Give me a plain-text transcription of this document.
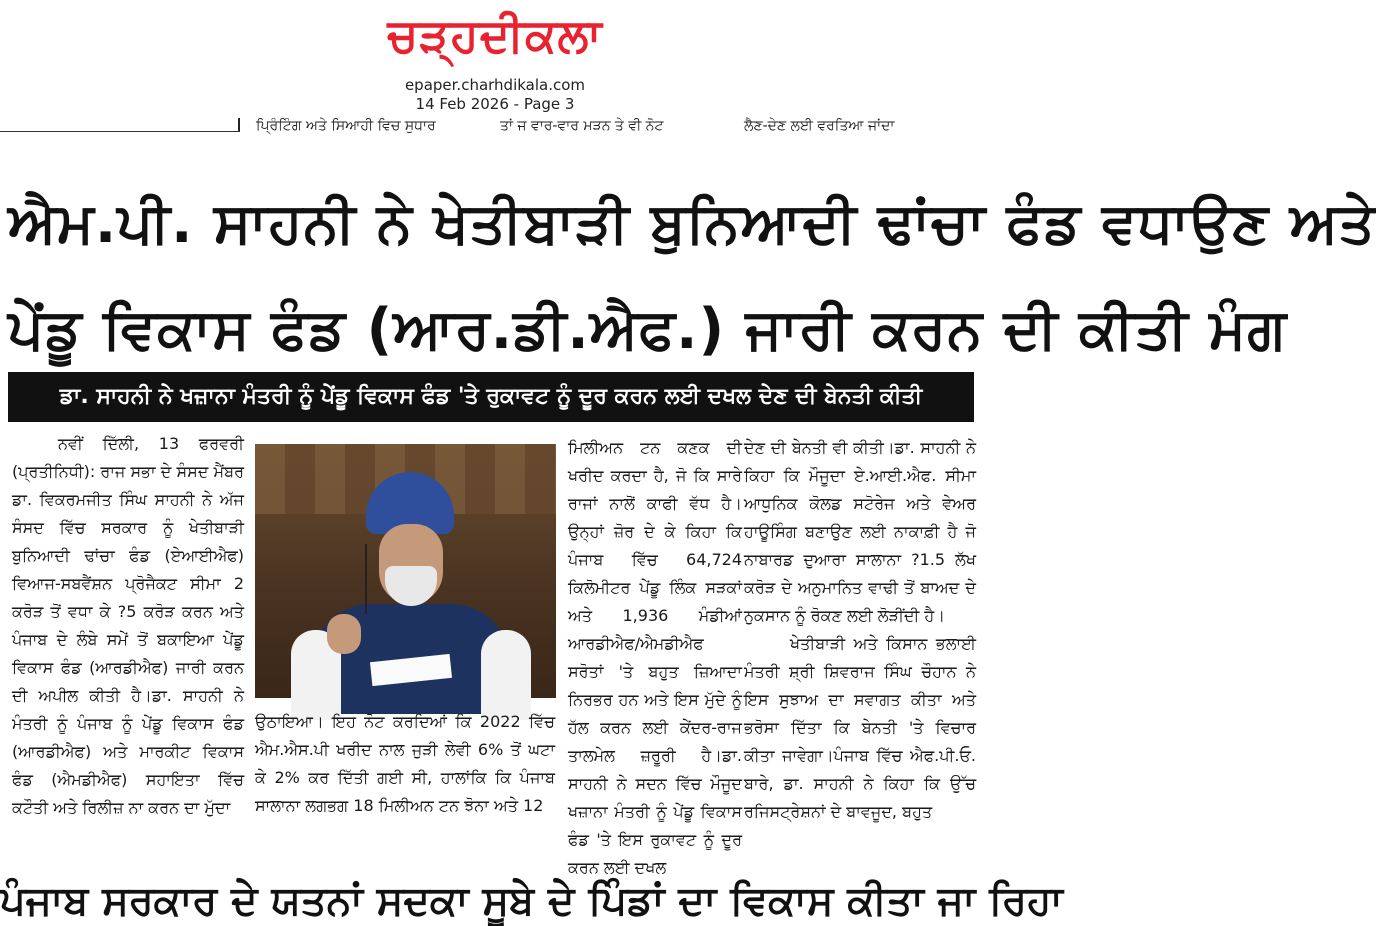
ਚੜ੍ਹਦੀਕਲਾ
epaper.charhdikala.com
14 Feb 2026 - Page 3
ਪ੍ਰਿੰਟਿੰਗ ਅਤੇ ਸਿਆਹੀ ਵਿਚ ਸੁਧਾਰ	ਤਾਂ ਜ ਵਾਰ-ਵਾਰ ਮੜਨ ਤੇ ਵੀ ਨੋਟ	ਲੈਣ-ਦੇਣ ਲਈ ਵਰਤਿਆ ਜਾਂਦਾ
ਐਮ.ਪੀ. ਸਾਹਨੀ ਨੇ ਖੇਤੀਬਾੜੀ ਬੁਨਿਆਦੀ ਢਾਂਚਾ ਫੰਡ ਵਧਾਉਣ ਅਤੇ
ਪੇਂਡੂ ਵਿਕਾਸ ਫੰਡ (ਆਰ.ਡੀ.ਐਫ.) ਜਾਰੀ ਕਰਨ ਦੀ ਕੀਤੀ ਮੰਗ
ਡਾ. ਸਾਹਨੀ ਨੇ ਖਜ਼ਾਨਾ ਮੰਤਰੀ ਨੂੰ ਪੇਂਡੂ ਵਿਕਾਸ ਫੰਡ 'ਤੇ ਰੁਕਾਵਟ ਨੂੰ ਦੂਰ ਕਰਨ ਲਈ ਦਖਲ ਦੇਣ ਦੀ ਬੇਨਤੀ ਕੀਤੀ

ਨਵੀਂ ਦਿੱਲੀ, 13 ਫਰਵਰੀ (ਪ੍ਰਤੀਨਿਧੀ): ਰਾਜ ਸਭਾ ਦੇ ਸੰਸਦ ਮੈਂਬਰ ਡਾ. ਵਿਕਰਮਜੀਤ ਸਿੰਘ ਸਾਹਨੀ ਨੇ ਅੱਜ ਸੰਸਦ ਵਿੱਚ ਸਰਕਾਰ ਨੂੰ ਖੇਤੀਬਾੜੀ ਬੁਨਿਆਦੀ ਢਾਂਚਾ ਫੰਡ (ਏਆਈਐਫ) ਵਿਆਜ-ਸਬਵੈਂਸ਼ਨ ਪ੍ਰੋਜੈਕਟ ਸੀਮਾ 2 ਕਰੋੜ ਤੋਂ ਵਧਾ ਕੇ ?5 ਕਰੋੜ ਕਰਨ ਅਤੇ ਪੰਜਾਬ ਦੇ ਲੰਬੇ ਸਮੇਂ ਤੋਂ ਬਕਾਇਆ ਪੇਂਡੂ ਵਿਕਾਸ ਫੰਡ (ਆਰਡੀਐਫ) ਜਾਰੀ ਕਰਨ ਦੀ ਅਪੀਲ ਕੀਤੀ ਹੈ।ਡਾ. ਸਾਹਨੀ ਨੇ ਮੰਤਰੀ ਨੂੰ ਪੰਜਾਬ ਨੂੰ ਪੇਂਡੂ ਵਿਕਾਸ ਫੰਡ (ਆਰਡੀਐਫ) ਅਤੇ ਮਾਰਕੀਟ ਵਿਕਾਸ ਫੰਡ (ਐਮਡੀਐਫ) ਸਹਾਇਤਾ ਵਿੱਚ ਕਟੌਤੀ ਅਤੇ ਰਿਲੀਜ਼ ਨਾ ਕਰਨ ਦਾ ਮੁੱਦਾ

ਉਠਾਇਆ। ਇਹ ਨੋਟ ਕਰਦਿਆਂ ਕਿ 2022 ਵਿੱਚ ਐਮ.ਐਸ.ਪੀ ਖਰੀਦ ਨਾਲ ਜੁੜੀ ਲੇਵੀ 6% ਤੋਂ ਘਟਾ ਕੇ 2% ਕਰ ਦਿੱਤੀ ਗਈ ਸੀ, ਹਾਲਾਂਕਿ ਕਿ ਪੰਜਾਬ ਸਾਲਾਨਾ ਲਗਭਗ 18 ਮਿਲੀਅਨ ਟਨ ਝੋਨਾ ਅਤੇ 12

ਮਿਲੀਅਨ ਟਨ ਕਣਕ ਦੀ ਖਰੀਦ ਕਰਦਾ ਹੈ, ਜੋ ਕਿ ਸਾਰੇ ਰਾਜਾਂ ਨਾਲੋਂ ਕਾਫੀ ਵੱਧ ਹੈ। ਉਨ੍ਹਾਂ ਜ਼ੋਰ ਦੇ ਕੇ ਕਿਹਾ ਕਿ ਪੰਜਾਬ ਵਿੱਚ 64,724 ਕਿਲੋਮੀਟਰ ਪੇਂਡੂ ਲਿੰਕ ਸੜਕਾਂ ਅਤੇ 1,936 ਮੰਡੀਆਂ ਆਰਡੀਐਫ/ਐਮਡੀਐਫ ਸਰੋਤਾਂ 'ਤੇ ਬਹੁਤ ਜ਼ਿਆਦਾ ਨਿਰਭਰ ਹਨ ਅਤੇ ਇਸ ਮੁੱਦੇ ਨੂੰ ਹੱਲ ਕਰਨ ਲਈ ਕੇਂਦਰ-ਰਾਜ ਤਾਲਮੇਲ ਜ਼ਰੂਰੀ ਹੈ।ਡਾ. ਸਾਹਨੀ ਨੇ ਸਦਨ ਵਿੱਚ ਮੌਜੂਦ ਖਜ਼ਾਨਾ ਮੰਤਰੀ ਨੂੰ ਪੇਂਡੂ ਵਿਕਾਸ ਫੰਡ 'ਤੇ ਇਸ ਰੁਕਾਵਟ ਨੂੰ ਦੂਰ ਕਰਨ ਲਈ ਦਖਲ

ਦੇਣ ਦੀ ਬੇਨਤੀ ਵੀ ਕੀਤੀ।ਡਾ. ਸਾਹਨੀ ਨੇ ਕਿਹਾ ਕਿ ਮੌਜੂਦਾ ਏ.ਆਈ.ਐਫ. ਸੀਮਾ ਆਧੁਨਿਕ ਕੋਲਡ ਸਟੋਰੇਜ ਅਤੇ ਵੇਅਰ ਹਾਊਸਿੰਗ ਬਣਾਉਣ ਲਈ ਨਾਕਾਫ਼ੀ ਹੈ ਜੋ ਨਾਬਾਰਡ ਦੁਆਰਾ ਸਾਲਾਨਾ ?1.5 ਲੱਖ ਕਰੋੜ ਦੇ ਅਨੁਮਾਨਿਤ ਵਾਢੀ ਤੋਂ ਬਾਅਦ ਦੇ ਨੁਕਸਾਨ ਨੂੰ ਰੋਕਣ ਲਈ ਲੋੜੀਂਦੀ ਹੈ।

ਖੇਤੀਬਾੜੀ ਅਤੇ ਕਿਸਾਨ ਭਲਾਈ ਮੰਤਰੀ ਸ਼੍ਰੀ ਸ਼ਿਵਰਾਜ ਸਿੰਘ ਚੌਹਾਨ ਨੇ ਇਸ ਸੁਝਾਅ ਦਾ ਸਵਾਗਤ ਕੀਤਾ ਅਤੇ ਭਰੋਸਾ ਦਿੱਤਾ ਕਿ ਬੇਨਤੀ 'ਤੇ ਵਿਚਾਰ ਕੀਤਾ ਜਾਵੇਗਾ।ਪੰਜਾਬ ਵਿੱਚ ਐਫ.ਪੀ.ਓ. ਬਾਰੇ, ਡਾ. ਸਾਹਨੀ ਨੇ ਕਿਹਾ ਕਿ ਉੱਚ ਰਜਿਸਟ੍ਰੇਸ਼ਨਾਂ ਦੇ ਬਾਵਜੂਦ, ਬਹੁਤ

ਪੰਜਾਬ ਸਰਕਾਰ ਦੇ ਯਤਨਾਂ ਸਦਕਾ ਸੂਬੇ ਦੇ ਪਿੰਡਾਂ ਦਾ ਵਿਕਾਸ ਕੀਤਾ ਜਾ ਰਿਹਾ
